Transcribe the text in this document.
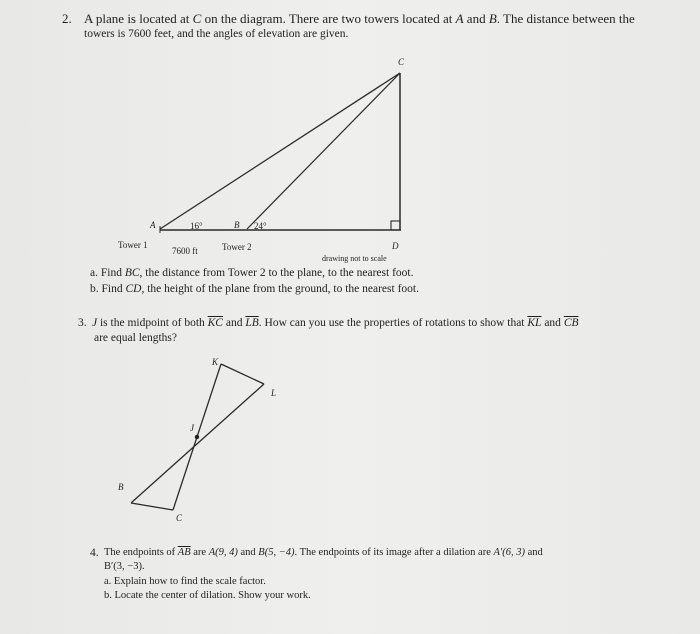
2. A plane is located at C on the diagram. There are two towers located at A and B. The distance between the
towers is 7600 feet, and the angles of elevation are given.
C
A	16°	B 24°
Tower 1
7600 ft	Tower 2	D
drawing not to scale
a. Find BC, the distance from Tower 2 to the plane, to the nearest foot.
b. Find CD, the height of the plane from the ground, to the nearest foot.
3. J is the midpoint of both $\overline{KC}$ and $\overline{LB}$. How can you use the properties of rotations to show that $\overline{KL}$ and $\overline{CB}$
are equal lengths?
K
L
J
B
C
4. The endpoints of $\overline{AB}$ are A(9, 4) and B(5, −4). The endpoints of its image after a dilation are A′(6, 3) and
B′(3, −3).
a. Explain how to find the scale factor.
b. Locate the center of dilation. Show your work.
